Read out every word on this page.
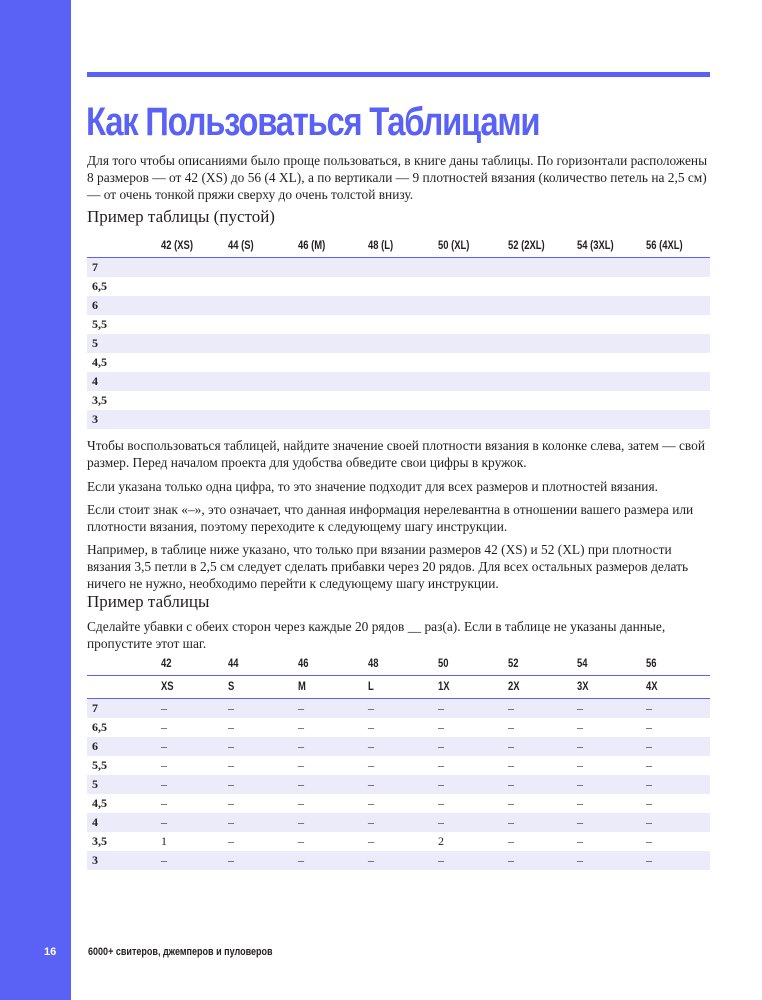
Как Пользоваться Таблицами

Для того чтобы описаниями было проще пользоваться, в книге даны таблицы. По горизонтали расположены 8 размеров — от 42 (XS) до 56 (4 XL), а по вертикали — 9 плотностей вязания (количество петель на 2,5 см) — от очень тонкой пряжи сверху до очень толстой внизу.

Пример таблицы (пустой)
42 (XS)	44 (S)	46 (M)	48 (L)	50 (XL)	52 (2XL)	54 (3XL)	56 (4XL)
7
6,5
6
5,5
5
4,5
4
3,5
3

Чтобы воспользоваться таблицей, найдите значение своей плотности вязания в колонке слева, затем — свой размер. Перед началом проекта для удобства обведите свои цифры в кружок.

Если указана только одна цифра, то это значение подходит для всех размеров и плотностей вязания.

Если стоит знак «–», это означает, что данная информация нерелевантна в отношении вашего размера или плотности вязания, поэтому переходите к следующему шагу инструкции.

Например, в таблице ниже указано, что только при вязании размеров 42 (XS) и 52 (XL) при плотности вязания 3,5 петли в 2,5 см следует сделать прибавки через 20 рядов. Для всех остальных размеров делать ничего не нужно, необходимо перейти к следующему шагу инструкции.

Пример таблицы

Сделайте убавки с обеих сторон через каждые 20 рядов __ раз(а). Если в таблице не указаны данные, пропустите этот шаг.

42	44	46	48	50	52	54	56
XS	S	M	L	1X	2X	3X	4X
7	–	–	–	–	–	–	–	–
6,5	–	–	–	–	–	–	–	–
6	–	–	–	–	–	–	–	–
5,5	–	–	–	–	–	–	–	–
5	–	–	–	–	–	–	–	–
4,5	–	–	–	–	–	–	–	–
4	–	–	–	–	–	–	–	–
3,5	1	–	–	–	2	–	–	–
3	–	–	–	–	–	–	–	–
16	6000+ свитеров, джемперов и пуловеров
